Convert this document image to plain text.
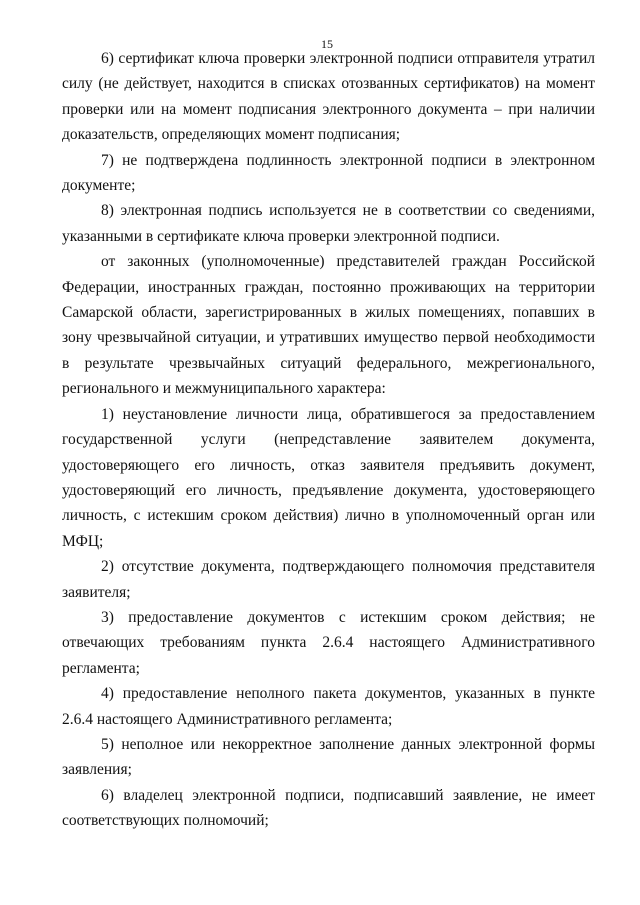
15

6) сертификат ключа проверки электронной подписи отправителя утратил силу (не действует, находится в списках отозванных сертификатов) на момент проверки или на момент подписания электронного документа – при наличии доказательств, определяющих момент подписания;

7) не подтверждена подлинность электронной подписи в электронном документе;

8) электронная подпись используется не в соответствии со сведениями, указанными в сертификате ключа проверки электронной подписи.

от законных (уполномоченные) представителей граждан Российской Федерации, иностранных граждан, постоянно проживающих на территории Самарской области, зарегистрированных в жилых помещениях, попавших в зону чрезвычайной ситуации, и утративших имущество первой необходимости в результате чрезвычайных ситуаций федерального, межрегионального, регионального и межмуниципального характера:

1) неустановление личности лица, обратившегося за предоставлением государственной услуги (непредставление заявителем документа, удостоверяющего его личность, отказ заявителя предъявить документ, удостоверяющий его личность, предъявление документа, удостоверяющего личность, с истекшим сроком действия) лично в уполномоченный орган или МФЦ;

2) отсутствие документа, подтверждающего полномочия представителя заявителя;

3) предоставление документов с истекшим сроком действия; не отвечающих требованиям пункта 2.6.4 настоящего Административного регламента;

4) предоставление неполного пакета документов, указанных в пункте 2.6.4 настоящего Административного регламента;

5) неполное или некорректное заполнение данных электронной формы заявления;

6) владелец электронной подписи, подписавший заявление, не имеет соответствующих полномочий;
